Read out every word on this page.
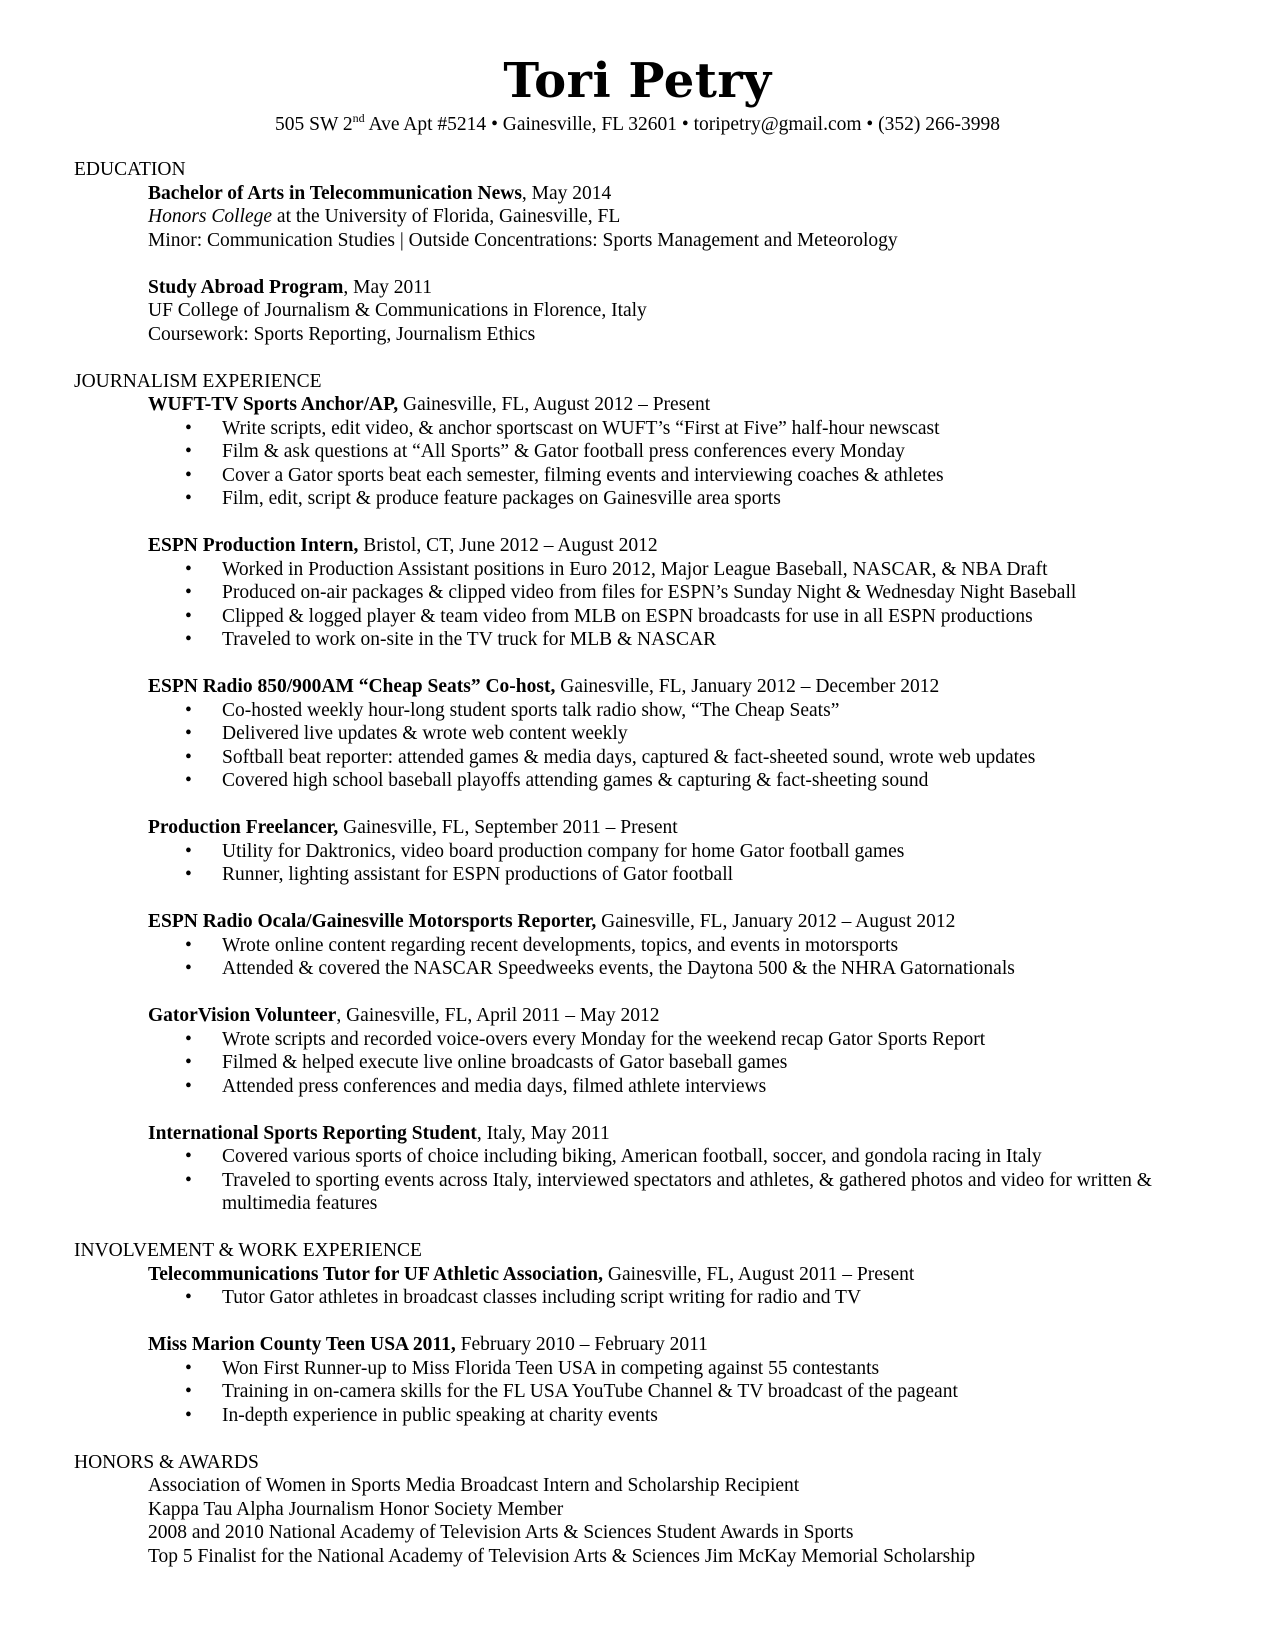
Tori Petry
505 SW 2nd Ave Apt #5214 • Gainesville, FL 32601 • toripetry@gmail.com • (352) 266-3998
EDUCATION
Bachelor of Arts in Telecommunication News, May 2014
Honors College at the University of Florida, Gainesville, FL
Minor: Communication Studies | Outside Concentrations: Sports Management and Meteorology
Study Abroad Program, May 2011
UF College of Journalism & Communications in Florence, Italy
Coursework: Sports Reporting, Journalism Ethics
JOURNALISM EXPERIENCE
WUFT-TV Sports Anchor/AP, Gainesville, FL, August 2012 – Present
• Write scripts, edit video, & anchor sportscast on WUFT’s “First at Five” half-hour newscast
• Film & ask questions at “All Sports” & Gator football press conferences every Monday
• Cover a Gator sports beat each semester, filming events and interviewing coaches & athletes
• Film, edit, script & produce feature packages on Gainesville area sports
ESPN Production Intern, Bristol, CT, June 2012 – August 2012
• Worked in Production Assistant positions in Euro 2012, Major League Baseball, NASCAR, & NBA Draft
• Produced on-air packages & clipped video from files for ESPN’s Sunday Night & Wednesday Night Baseball
• Clipped & logged player & team video from MLB on ESPN broadcasts for use in all ESPN productions
• Traveled to work on-site in the TV truck for MLB & NASCAR
ESPN Radio 850/900AM “Cheap Seats” Co-host, Gainesville, FL, January 2012 – December 2012
• Co-hosted weekly hour-long student sports talk radio show, “The Cheap Seats”
• Delivered live updates & wrote web content weekly
• Softball beat reporter: attended games & media days, captured & fact-sheeted sound, wrote web updates
• Covered high school baseball playoffs attending games & capturing & fact-sheeting sound
Production Freelancer, Gainesville, FL, September 2011 – Present
• Utility for Daktronics, video board production company for home Gator football games
• Runner, lighting assistant for ESPN productions of Gator football
ESPN Radio Ocala/Gainesville Motorsports Reporter, Gainesville, FL, January 2012 – August 2012
• Wrote online content regarding recent developments, topics, and events in motorsports
• Attended & covered the NASCAR Speedweeks events, the Daytona 500 & the NHRA Gatornationals
GatorVision Volunteer, Gainesville, FL, April 2011 – May 2012
• Wrote scripts and recorded voice-overs every Monday for the weekend recap Gator Sports Report
• Filmed & helped execute live online broadcasts of Gator baseball games
• Attended press conferences and media days, filmed athlete interviews
International Sports Reporting Student, Italy, May 2011
• Covered various sports of choice including biking, American football, soccer, and gondola racing in Italy
• Traveled to sporting events across Italy, interviewed spectators and athletes, & gathered photos and video for written & multimedia features
INVOLVEMENT & WORK EXPERIENCE
Telecommunications Tutor for UF Athletic Association, Gainesville, FL, August 2011 – Present
• Tutor Gator athletes in broadcast classes including script writing for radio and TV
Miss Marion County Teen USA 2011, February 2010 – February 2011
• Won First Runner-up to Miss Florida Teen USA in competing against 55 contestants
• Training in on-camera skills for the FL USA YouTube Channel & TV broadcast of the pageant
• In-depth experience in public speaking at charity events
HONORS & AWARDS
Association of Women in Sports Media Broadcast Intern and Scholarship Recipient
Kappa Tau Alpha Journalism Honor Society Member
2008 and 2010 National Academy of Television Arts & Sciences Student Awards in Sports
Top 5 Finalist for the National Academy of Television Arts & Sciences Jim McKay Memorial Scholarship
